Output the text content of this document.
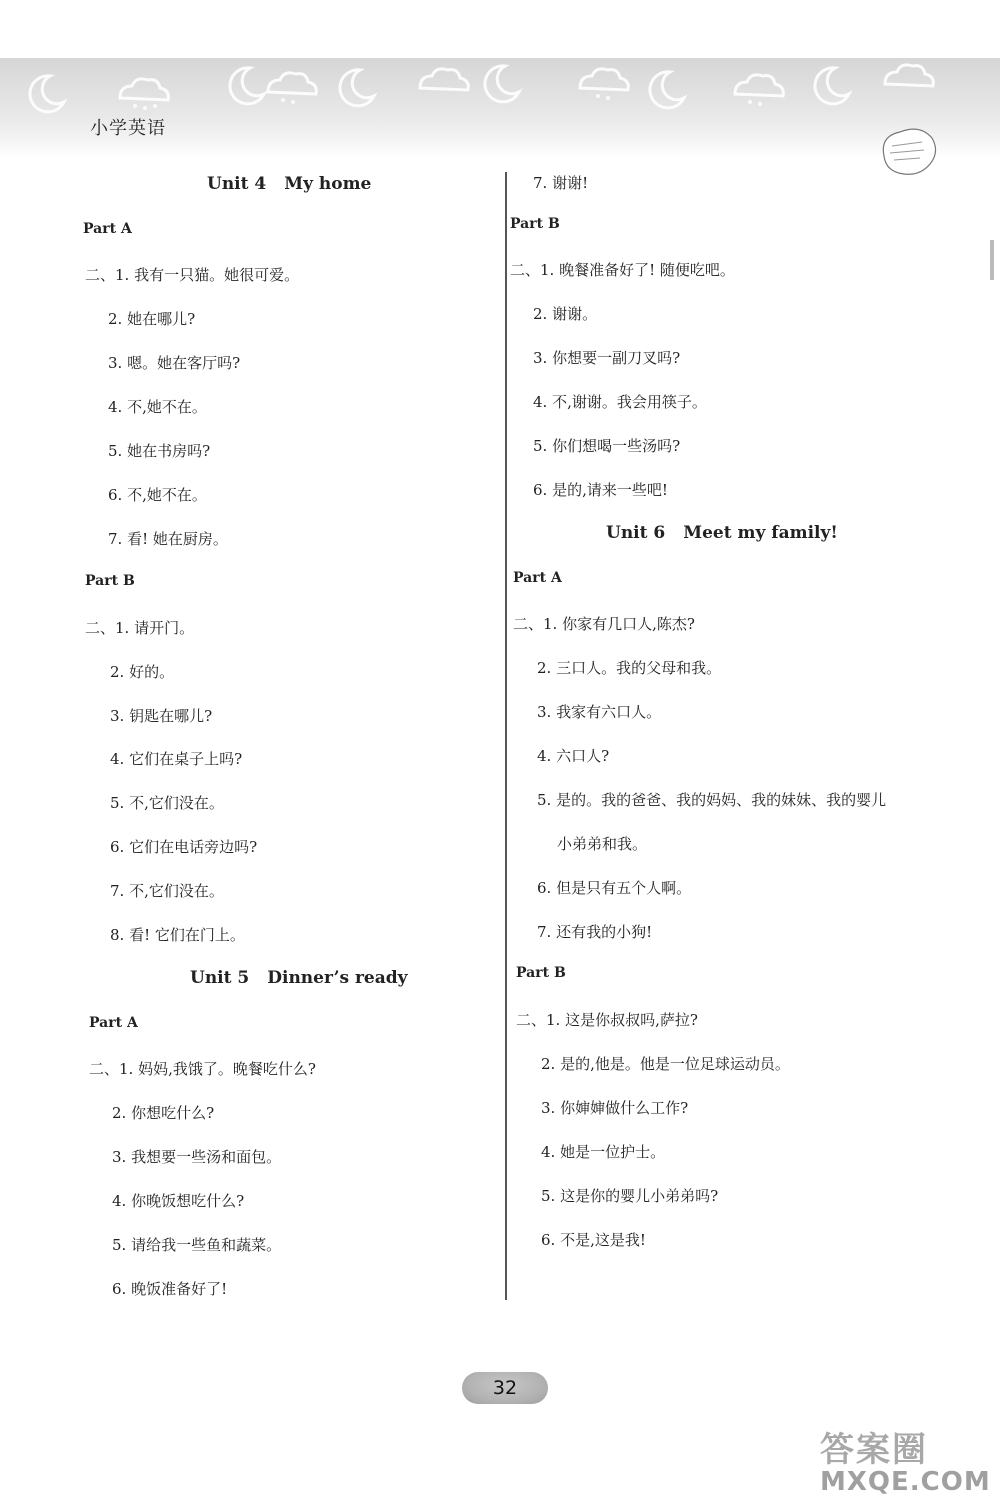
小学英语
Unit 4 My home
Part A
二、1. 我有一只猫。她很可爱。
2. 她在哪儿?
3. 嗯。她在客厅吗?
4. 不,她不在。
5. 她在书房吗?
6. 不,她不在。
7. 看! 她在厨房。
Part B
二、1. 请开门。
2. 好的。
3. 钥匙在哪儿?
4. 它们在桌子上吗?
5. 不,它们没在。
6. 它们在电话旁边吗?
7. 不,它们没在。
8. 看! 它们在门上。
Unit 5 Dinner’s ready
Part A
二、1. 妈妈,我饿了。晚餐吃什么?
2. 你想吃什么?
3. 我想要一些汤和面包。
4. 你晚饭想吃什么?
5. 请给我一些鱼和蔬菜。
6. 晚饭准备好了!
7. 谢谢!
Part B
二、1. 晚餐准备好了! 随便吃吧。
2. 谢谢。
3. 你想要一副刀叉吗?
4. 不,谢谢。我会用筷子。
5. 你们想喝一些汤吗?
6. 是的,请来一些吧!
Unit 6 Meet my family!
Part A
二、1. 你家有几口人,陈杰?
2. 三口人。我的父母和我。
3. 我家有六口人。
4. 六口人?
5. 是的。我的爸爸、我的妈妈、我的妹妹、我的婴儿
小弟弟和我。
6. 但是只有五个人啊。
7. 还有我的小狗!
Part B
二、1. 这是你叔叔吗,萨拉?
2. 是的,他是。他是一位足球运动员。
3. 你婶婶做什么工作?
4. 她是一位护士。
5. 这是你的婴儿小弟弟吗?
6. 不是,这是我!
32
答案圈
MXQE.COM
